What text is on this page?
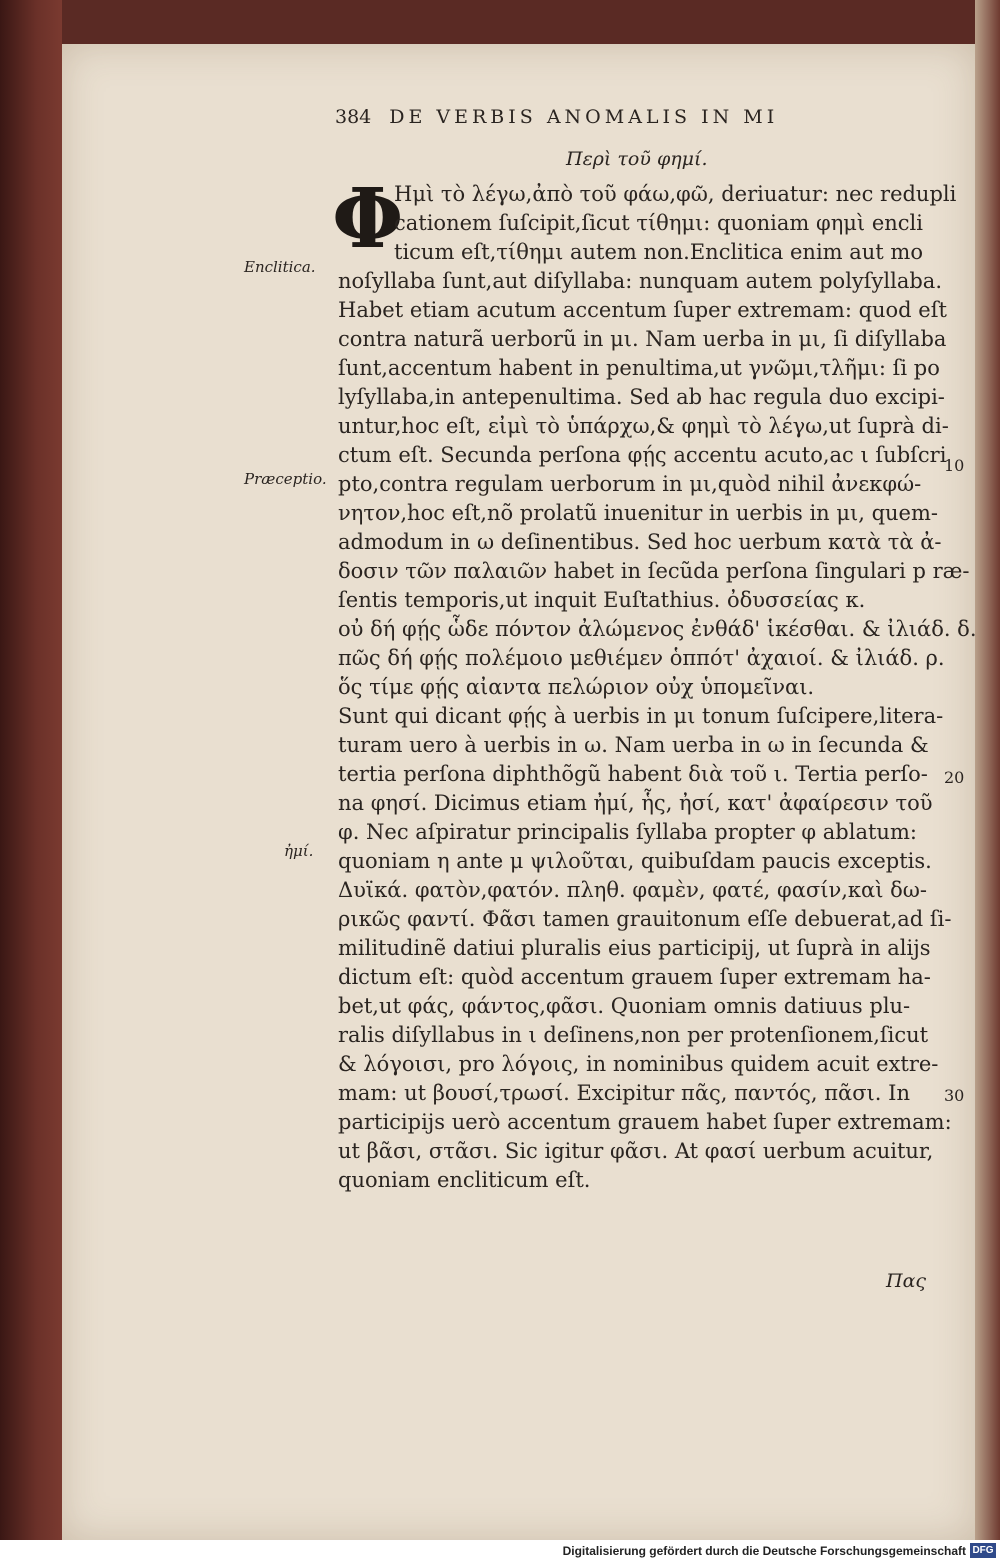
384 DE VERBIS ANOMALIS IN MI
Περὶ τοῦ φημί.
Φ
Ημὶ τὸ λέγω,ἀπὸ τοῦ φάω,φῶ, deriuatur: nec redupli
cationem ſuſcipit,ſicut τίθημι: quoniam φημὶ encli
ticum eſt,τίθημι autem non.Enclitica enim aut mo
noſyllaba ſunt,aut diſyllaba: nunquam autem polyſyllaba.
Habet etiam acutum accentum ſuper extremam: quod eſt
contra naturã uerborũ in μι. Nam uerba in μι, ſi diſyllaba
ſunt,accentum habent in penultima,ut γνῶμι,τλῆμι: ſi po
lyſyllaba,in antepenultima. Sed ab hac regula duo excipi-
untur,hoc eſt, εἰμὶ τὸ ὑπάρχω,& φημὶ τὸ λέγω,ut ſuprà di-
ctum eſt. Secunda perſona φῄς accentu acuto,ac ι ſubſcri
pto,contra regulam uerborum in μι,quòd nihil ἀνεκφώ-
νητον,hoc eſt,nõ prolatũ inuenitur in uerbis in μι, quem-
admodum in ω deſinentibus. Sed hoc uerbum κατὰ τὰ ἀ-
δοσιν τῶν παλαιῶν habet in ſecũda perſona ſingulari p ræ-
ſentis temporis,ut inquit Euſtathius. ὀδυσσείας κ.
οὐ δή φῄς ὧδε πόντον ἀλώμενος ἐνθάδ' ἱκέσθαι. & ἰλιάδ. δ.
πῶς δή φῄς πολέμοιο μεθιέμεν ὁππότ' ἀχαιοί. & ἰλιάδ. ρ.
ὅς τίμε φῄς αἰαντα πελώριον οὐχ ὑπομεῖναι.
Sunt qui dicant φῄς à uerbis in μι tonum ſuſcipere,litera-
turam uero à uerbis in ω. Nam uerba in ω in ſecunda &
tertia perſona diphthõgũ habent διὰ τοῦ ι. Tertia perſo-
na φησί. Dicimus etiam ἠμί, ἧς, ἠσί, κατ' ἀφαίρεσιν τοῦ
φ. Nec aſpiratur principalis ſyllaba propter φ ablatum:
quoniam η ante μ ψιλοῦται, quibuſdam paucis exceptis.
Δυϊκά. φατὸν,φατόν. πληθ. φαμὲν, φατέ, φασίν,καὶ δω-
ρικῶς φαντί. Φᾶσι tamen grauitonum eſſe debuerat,ad ſi-
militudinẽ datiui pluralis eius participij, ut ſuprà in alijs
dictum eſt: quòd accentum grauem ſuper extremam ha-
bet,ut φάς, φάντος,φᾶσι. Quoniam omnis datiuus plu-
ralis diſyllabus in ι deſinens,non per protenſionem,ſicut
& λόγοισι, pro λόγοις, in nominibus quidem acuit extre-
mam: ut βουσί,τρωσί. Excipitur πᾶς, παντός, πᾶσι. In
participijs uerò accentum grauem habet ſuper extremam:
ut βᾶσι, στᾶσι. Sic igitur φᾶσι. At φασί uerbum acuitur,
quoniam encliticum eſt.
Enclitica.
Præceptio.
ἠμί.
10
20
30
Πας
Digitalisierung gefördert durch die Deutsche Forschungsgemeinschaft DFG
